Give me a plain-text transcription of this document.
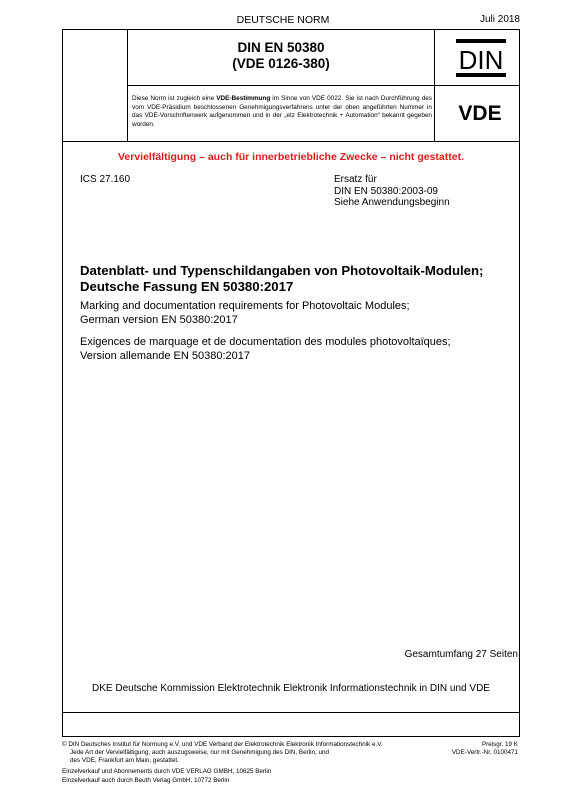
DEUTSCHE NORM	Juli 2018
DIN EN 50380
(VDE 0126-380)	DIN
Diese Norm ist zugleich eine VDE-Bestimmung im Sinne von VDE 0022. Sie ist nach Durchführung des vom VDE-Präsidium beschlossenen Genehmigungsverfahrens unter der oben angeführten Nummer in das VDE-Vorschriftenwerk aufgenommen und in der „etz Elektrotechnik + Automation“ bekannt gegeben worden.	VDE
Vervielfältigung – auch für innerbetriebliche Zwecke – nicht gestattet.
ICS 27.160	Ersatz für
DIN EN 50380:2003-09
Siehe Anwendungsbeginn
Datenblatt- und Typenschildangaben von Photovoltaik-Modulen;
Deutsche Fassung EN 50380:2017
Marking and documentation requirements for Photovoltaic Modules;
German version EN 50380:2017
Exigences de marquage et de documentation des modules photovoltaïques;
Version allemande EN 50380:2017
Gesamtumfang 27 Seiten
DKE Deutsche Kommission Elektrotechnik Elektronik Informationstechnik in DIN und VDE
© DIN Deutsches Institut für Normung e.V. und VDE Verband der Elektrotechnik Elektronik Informationstechnik e.V.
Jede Art der Vervielfältigung, auch auszugsweise, nur mit Genehmigung des DIN, Berlin, und
des VDE, Frankfurt am Main, gestattet.
Preisgr. 19 K
VDE-Vertr.-Nr. 0100471
Einzelverkauf und Abonnements durch VDE VERLAG GMBH, 10625 Berlin
Einzelverkauf auch durch Beuth Verlag GmbH, 10772 Berlin
